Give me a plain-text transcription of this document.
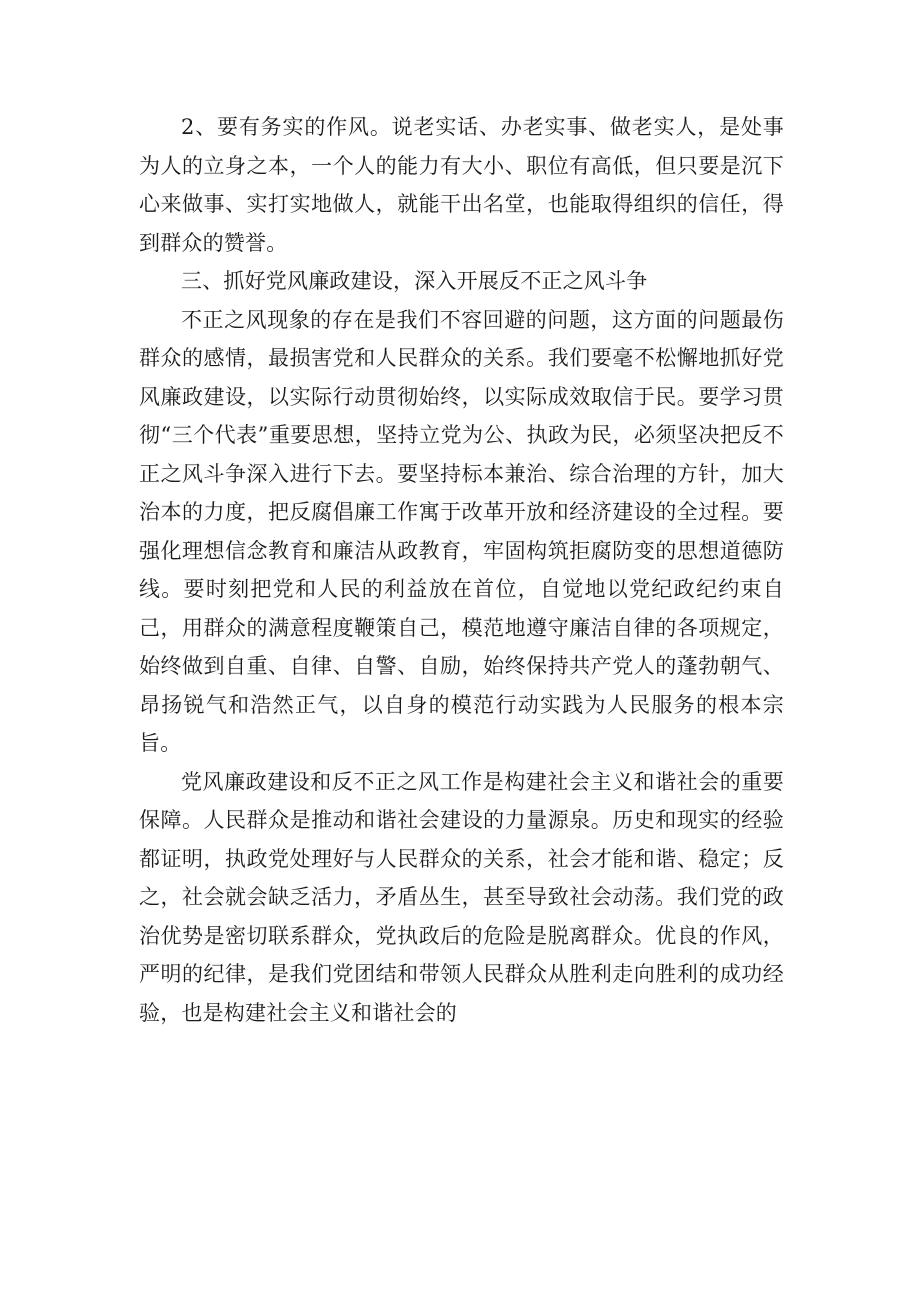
2、要有务实的作风。说老实话、办老实事、做老实人，是处事为人的立身之本，一个人的能力有大小、职位有高低，但只要是沉下心来做事、实打实地做人，就能干出名堂，也能取得组织的信任，得到群众的赞誉。

三、抓好党风廉政建设，深入开展反不正之风斗争

不正之风现象的存在是我们不容回避的问题，这方面的问题最伤群众的感情，最损害党和人民群众的关系。我们要毫不松懈地抓好党风廉政建设，以实际行动贯彻始终，以实际成效取信于民。要学习贯彻“三个代表”重要思想，坚持立党为公、执政为民，必须坚决把反不正之风斗争深入进行下去。要坚持标本兼治、综合治理的方针，加大治本的力度，把反腐倡廉工作寓于改革开放和经济建设的全过程。要强化理想信念教育和廉洁从政教育，牢固构筑拒腐防变的思想道德防线。要时刻把党和人民的利益放在首位，自觉地以党纪政纪约束自己，用群众的满意程度鞭策自己，模范地遵守廉洁自律的各项规定，始终做到自重、自律、自警、自励，始终保持共产党人的蓬勃朝气、昂扬锐气和浩然正气，以自身的模范行动实践为人民服务的根本宗旨。

党风廉政建设和反不正之风工作是构建社会主义和谐社会的重要保障。人民群众是推动和谐社会建设的力量源泉。历史和现实的经验都证明，执政党处理好与人民群众的关系，社会才能和谐、稳定；反之，社会就会缺乏活力，矛盾丛生，甚至导致社会动荡。我们党的政治优势是密切联系群众，党执政后的危险是脱离群众。优良的作风，严明的纪律，是我们党团结和带领人民群众从胜利走向胜利的成功经验，也是构建社会主义和谐社会的
